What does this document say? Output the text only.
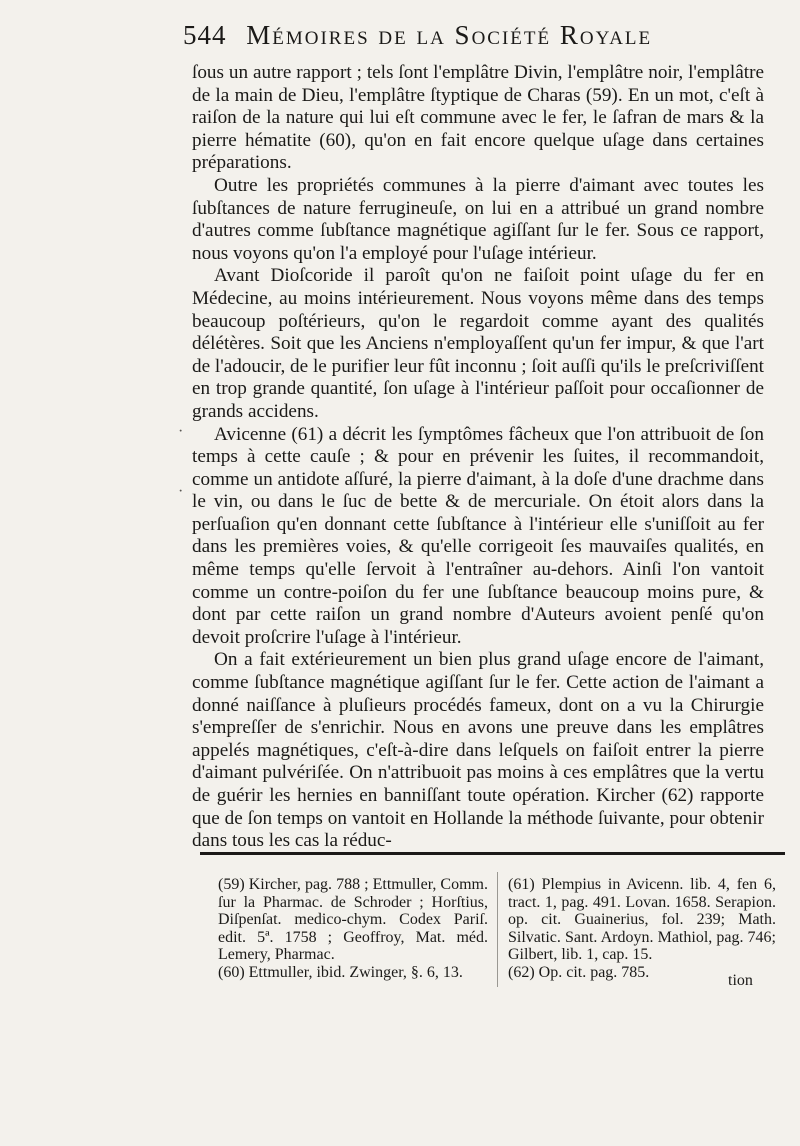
544 Mémoires de la Société Royale

ſous un autre rapport ; tels ſont l'emplâtre Divin, l'emplâtre noir, l'emplâtre de la main de Dieu, l'emplâtre ſtyptique de Charas (59). En un mot, c'eſt à raiſon de la nature qui lui eſt commune avec le fer, le ſafran de mars & la pierre hématite (60), qu'on en fait encore quelque uſage dans certaines préparations.

Outre les propriétés communes à la pierre d'aimant avec toutes les ſubſtances de nature ferrugineuſe, on lui en a attribué un grand nombre d'autres comme ſubſtance magnétique agiſſant ſur le fer. Sous ce rapport, nous voyons qu'on l'a employé pour l'uſage intérieur.

Avant Dioſcoride il paroît qu'on ne faiſoit point uſage du fer en Médecine, au moins intérieurement. Nous voyons même dans des temps beaucoup poſtérieurs, qu'on le regardoit comme ayant des qualités délétères. Soit que les Anciens n'employaſſent qu'un fer impur, & que l'art de l'adoucir, de le purifier leur fût inconnu ; ſoit auſſi qu'ils le preſcriviſſent en trop grande quantité, ſon uſage à l'intérieur paſſoit pour occaſionner de grands accidens.

Avicenne (61) a décrit les ſymptômes fâcheux que l'on attribuoit de ſon temps à cette cauſe ; & pour en prévenir les ſuites, il recommandoit, comme un antidote aſſuré, la pierre d'aimant, à la doſe d'une drachme dans le vin, ou dans le ſuc de bette & de mercuriale. On étoit alors dans la perſuaſion qu'en donnant cette ſubſtance à l'intérieur elle s'uniſſoit au fer dans les premières voies, & qu'elle corrigeoit ſes mauvaiſes qualités, en même temps qu'elle ſervoit à l'entraîner au-dehors. Ainſi l'on vantoit comme un contre-poiſon du fer une ſubſtance beaucoup moins pure, & dont par cette raiſon un grand nombre d'Auteurs avoient penſé qu'on devoit proſcrire l'uſage à l'intérieur.

On a fait extérieurement un bien plus grand uſage encore de l'aimant, comme ſubſtance magnétique agiſſant ſur le fer. Cette action de l'aimant a donné naiſſance à pluſieurs procédés fameux, dont on a vu la Chirurgie s'empreſſer de s'enrichir. Nous en avons une preuve dans les emplâtres appelés magnétiques, c'eſt-à-dire dans leſquels on faiſoit entrer la pierre d'aimant pulvériſée. On n'attribuoit pas moins à ces emplâtres que la vertu de guérir les hernies en banniſſant toute opération. Kircher (62) rapporte que de ſon temps on vantoit en Hollande la méthode ſuivante, pour obtenir dans tous les cas la réduc-

(59) Kircher, pag. 788 ; Ettmuller, Comm. ſur la Pharmac. de Schroder ; Horſtius, Diſpenſat. medico-chym. Codex Pariſ. edit. 5ª. 1758 ; Geoffroy, Mat. méd. Lemery, Pharmac.
(60) Ettmuller, ibid. Zwinger, §. 6, 13.
(61) Plempius in Avicenn. lib. 4, fen 6, tract. 1, pag. 491. Lovan. 1658. Serapion. op. cit. Guainerius, fol. 239; Math. Silvatic. Sant. Ardoyn. Mathiol, pag. 746; Gilbert, lib. 1, cap. 15.
(62) Op. cit. pag. 785.	tion
·
·
